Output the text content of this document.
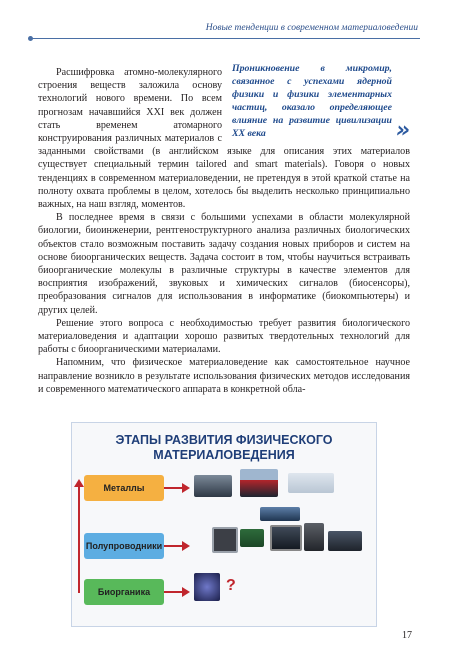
Новые тенденции в современном материаловедении
Проникновение в микромир, связанное с успехами ядерной физики и физики элементарных частиц, оказало определяющее влияние на развитие цивилизации XX века	»

Расшифровка атомно-молекулярного строения веществ заложила основу технологий нового времени. По всем прогнозам начавшийся XXI век должен стать временем атомарного конструирования различных материалов с заданными свойствами (в английском языке для описания этих материалов существует специальный термин tailored and smart materials). Говоря о новых тенденциях в современном материаловедении, не претендуя в этой краткой статье на полноту охвата проблемы в целом, хотелось бы выделить несколько принципиально важных, на наш взгляд, моментов.

В последнее время в связи с большими успехами в области молекулярной биологии, биоинженерии, рентгеноструктурного анализа различных биологических объектов стало возможным поставить задачу создания новых приборов и систем на основе биоорганических веществ. Задача состоит в том, чтобы научиться встраивать биоорганические молекулы в различные структуры в качестве элементов для восприятия изображений, звуковых и химических сигналов (биосенсоры), преобразования сигналов для использования в информатике (биокомпьютеры) и других целей.

Решение этого вопроса с необходимостью требует развития биологического материаловедения и адаптации хорошо развитых твердотельных технологий для работы с биоорганическими материалами.

Напомним, что физическое материаловедение как самостоятельное научное направление возникло в результате использования физических методов исследования и современного математического аппарата в конкретной обла-

ЭТАПЫ РАЗВИТИЯ ФИЗИЧЕСКОГО
МАТЕРИАЛОВЕДЕНИЯ
Металлы
Полупроводники
Биорганика	?
17
